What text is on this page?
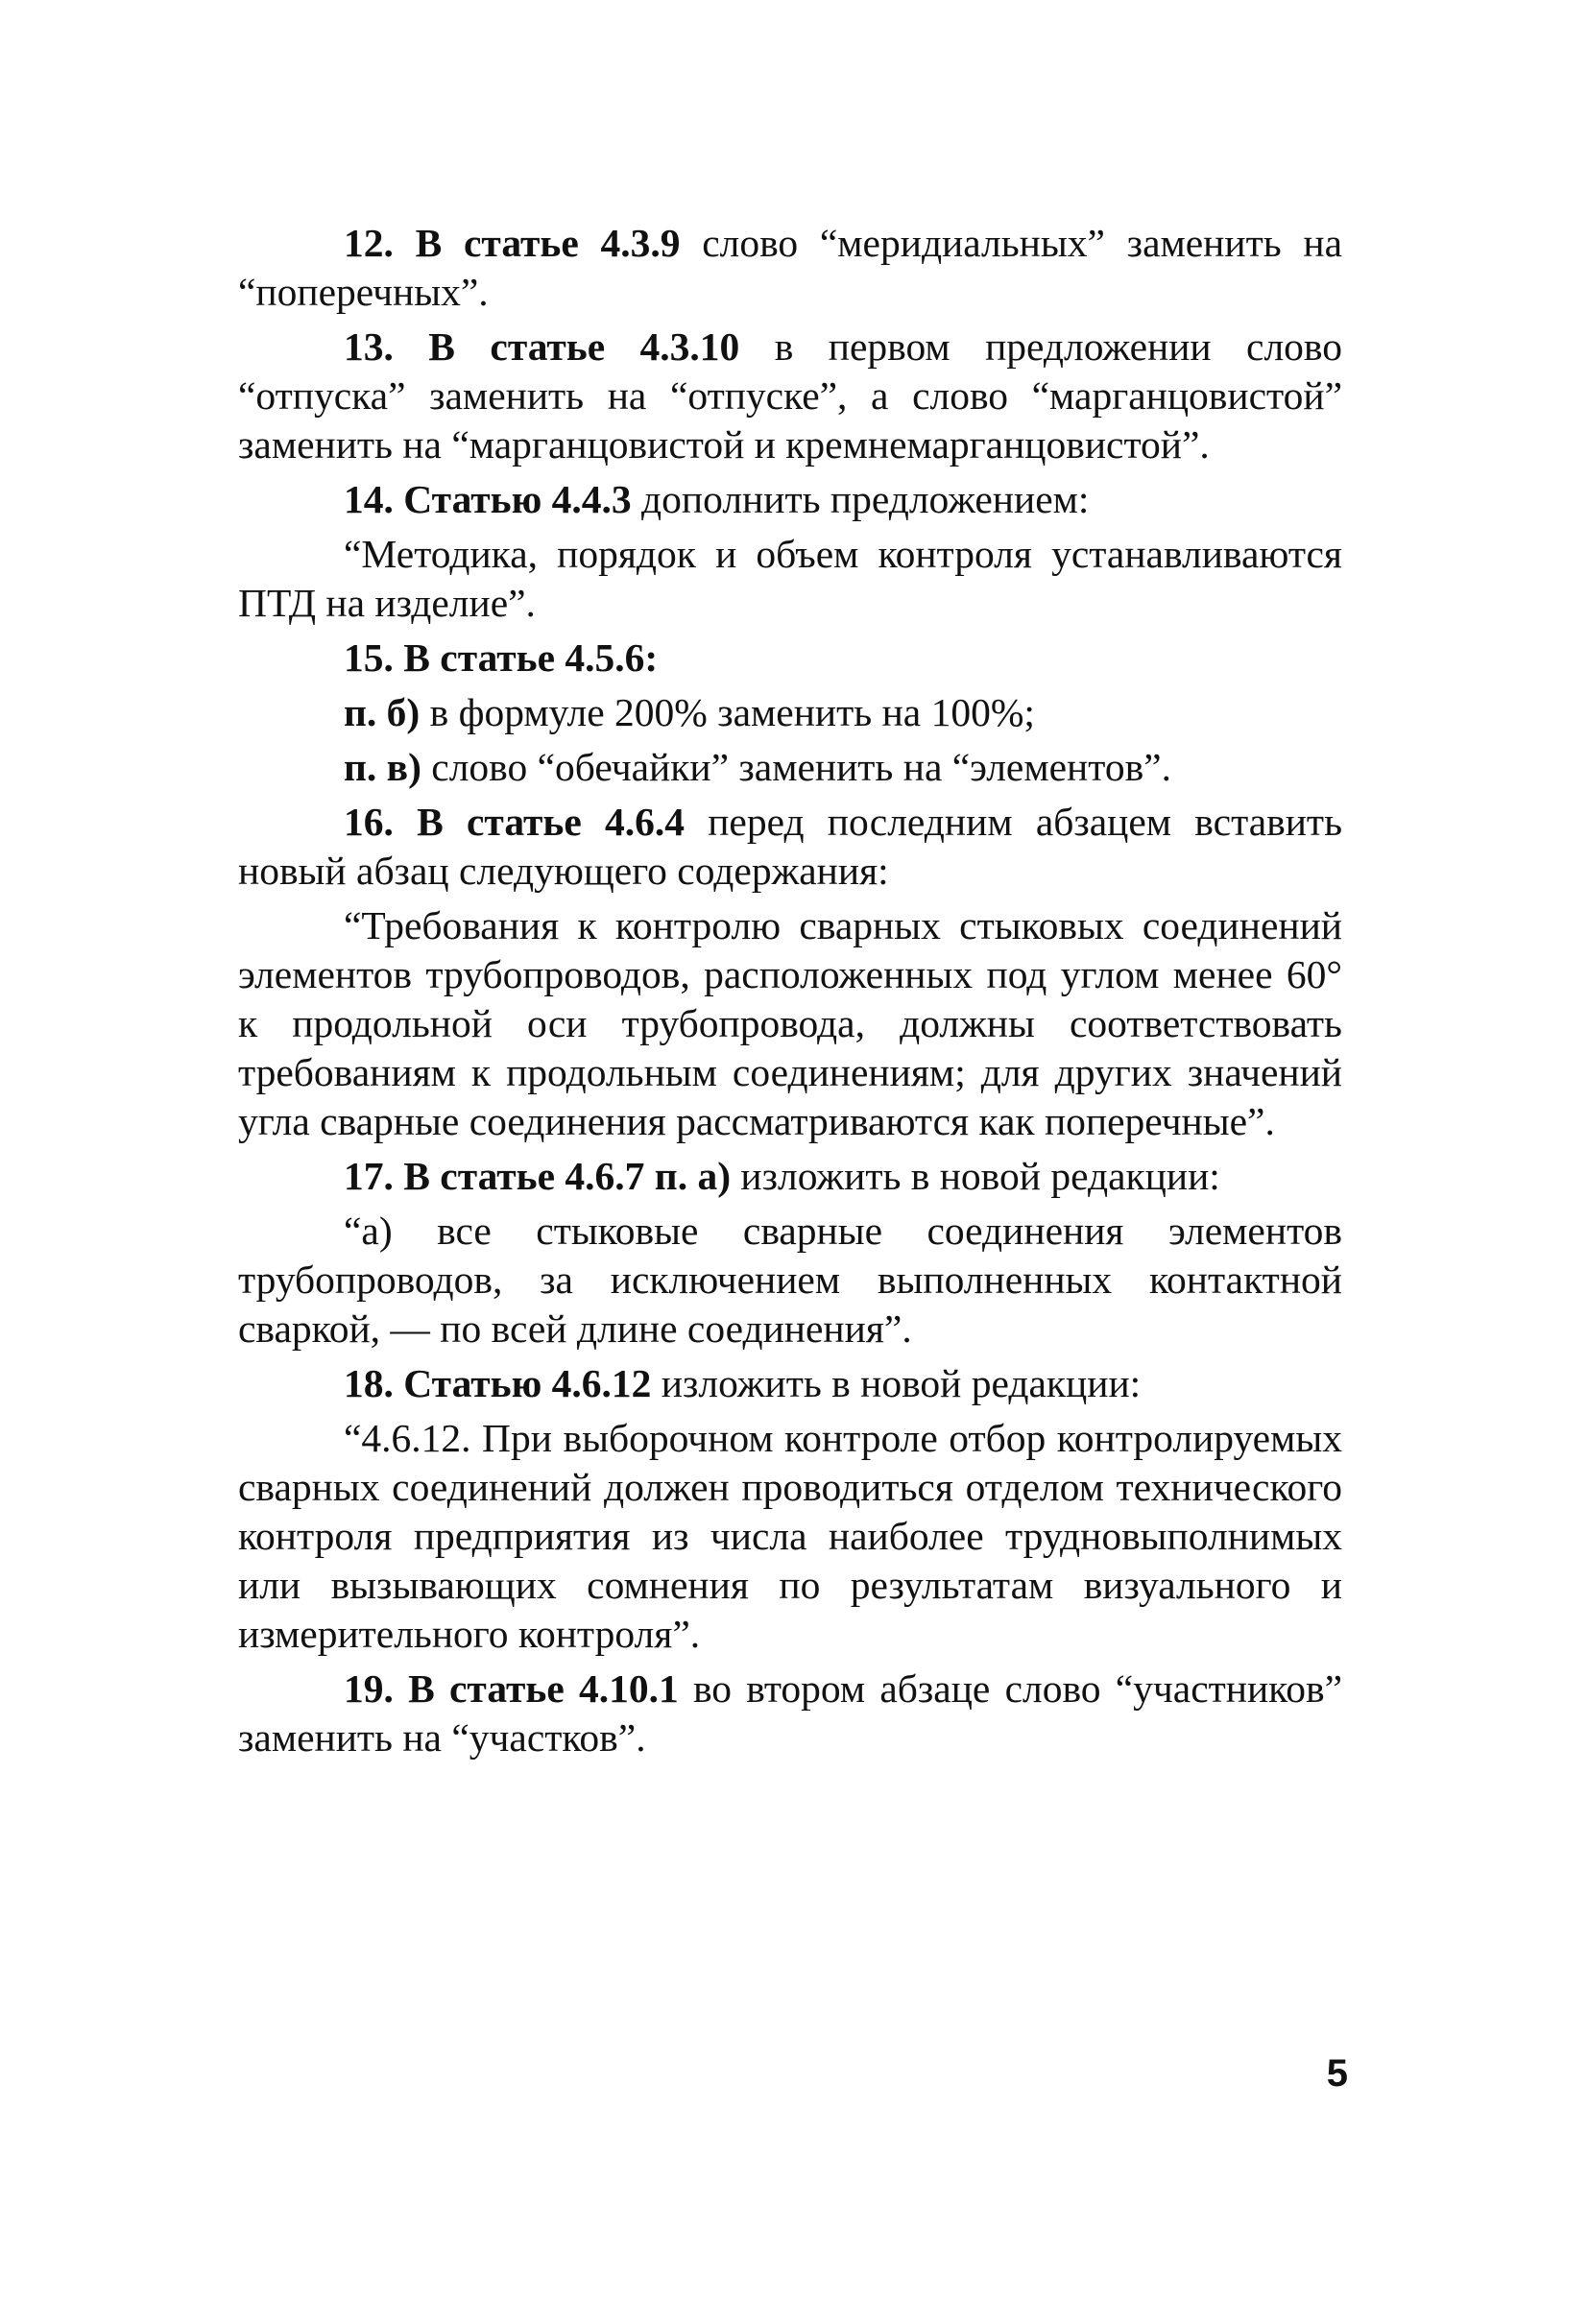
12. В статье 4.3.9 слово “меридиальных” заменить на “поперечных”.

13. В статье 4.3.10 в первом предложении слово “отпуска” заменить на “отпуске”, а слово “марганцовистой” заменить на “марганцовистой и кремнемарганцовистой”.

14. Статью 4.4.3 дополнить предложением:

“Методика, порядок и объем контроля устанавливаются ПТД на изделие”.

15. В статье 4.5.6:

п. б) в формуле 200% заменить на 100%;

п. в) слово “обечайки” заменить на “элементов”.

16. В статье 4.6.4 перед последним абзацем вставить новый абзац следующего содержания:

“Требования к контролю сварных стыковых соединений элементов трубопроводов, расположенных под углом менее 60° к продольной оси трубопровода, должны соответствовать требованиям к продольным соединениям; для других значений угла сварные соединения рассматриваются как поперечные”.

17. В статье 4.6.7 п. а) изложить в новой редакции:

“а) все стыковые сварные соединения элементов трубопроводов, за исключением выполненных контактной сваркой, — по всей длине соединения”.

18. Статью 4.6.12 изложить в новой редакции:

“4.6.12. При выборочном контроле отбор контролируемых сварных соединений должен проводиться отделом технического контроля предприятия из числа наиболее трудновыполнимых или вызывающих сомнения по результатам визуального и измерительного контроля”.

19. В статье 4.10.1 во втором абзаце слово “участников” заменить на “участков”.

5
